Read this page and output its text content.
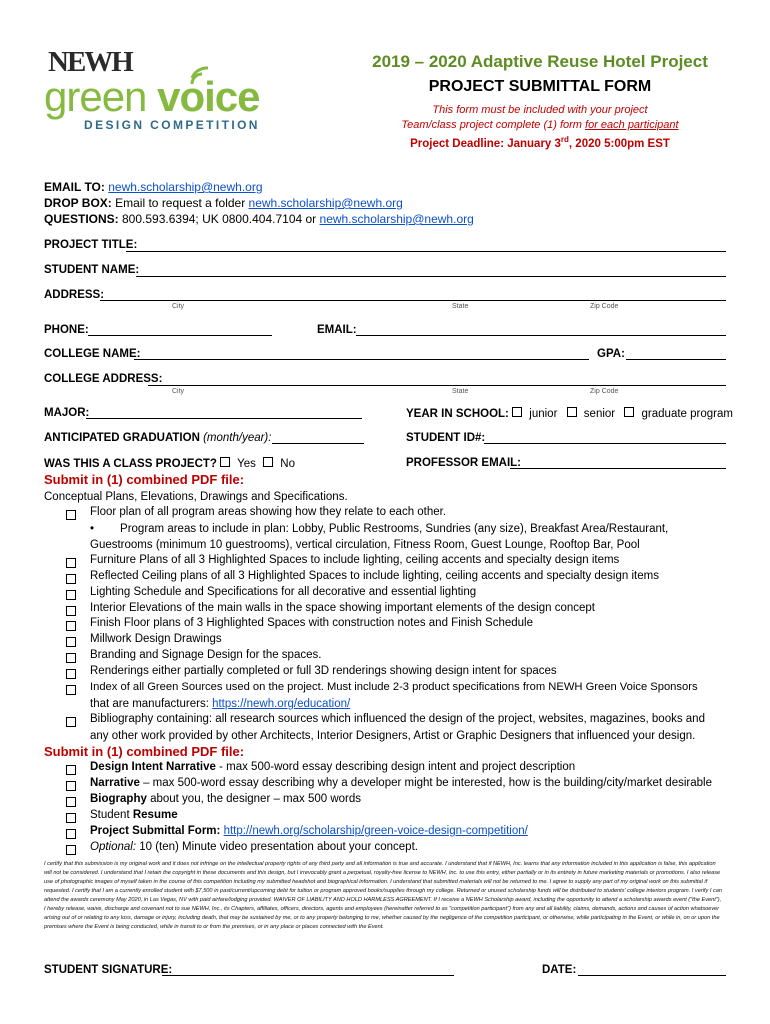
NEWH
green voice
DESIGN COMPETITION
2019 – 2020 Adaptive Reuse Hotel Project
PROJECT SUBMITTAL FORM
This form must be included with your project
Team/class project complete (1) form for each participant
Project Deadline: January 3rd, 2020 5:00pm EST
EMAIL TO: newh.scholarship@newh.org
DROP BOX: Email to request a folder newh.scholarship@newh.org
QUESTIONS: 800.593.6394; UK 0800.404.7104 or newh.scholarship@newh.org
PROJECT TITLE:
STUDENT NAME:
ADDRESS:
City	State	Zip Code
PHONE:	EMAIL:
COLLEGE NAME:	GPA:
COLLEGE ADDRESS:
City	State	Zip Code
MAJOR:	YEAR IN SCHOOL:  junior  senior  graduate program
ANTICIPATED GRADUATION (month/year):	STUDENT ID#:
WAS THIS A CLASS PROJECT?  Yes  No	PROFESSOR EMAIL:
Submit in (1) combined PDF file:
Conceptual Plans, Elevations, Drawings and Specifications.
Floor plan of all program areas showing how they relate to each other.
• Program areas to include in plan: Lobby, Public Restrooms, Sundries (any size), Breakfast Area/Restaurant,
Guestrooms (minimum 10 guestrooms), vertical circulation, Fitness Room, Guest Lounge, Rooftop Bar, Pool
Furniture Plans of all 3 Highlighted Spaces to include lighting, ceiling accents and specialty design items
Reflected Ceiling plans of all 3 Highlighted Spaces to include lighting, ceiling accents and specialty design items
Lighting Schedule and Specifications for all decorative and essential lighting
Interior Elevations of the main walls in the space showing important elements of the design concept
Finish Floor plans of 3 Highlighted Spaces with construction notes and Finish Schedule
Millwork Design Drawings
Branding and Signage Design for the spaces.
Renderings either partially completed or full 3D renderings showing design intent for spaces
Index of all Green Sources used on the project. Must include 2-3 product specifications from NEWH Green Voice Sponsors
that are manufacturers: https://newh.org/education/
Bibliography containing: all research sources which influenced the design of the project, websites, magazines, books and
any other work provided by other Architects, Interior Designers, Artist or Graphic Designers that influenced your design.
Submit in (1) combined PDF file:
Design Intent Narrative - max 500-word essay describing design intent and project description
Narrative – max 500-word essay describing why a developer might be interested, how is the building/city/market desirable
Biography about you, the designer – max 500 words
Student Resume
Project Submittal Form: http://newh.org/scholarship/green-voice-design-competition/
Optional: 10 (ten) Minute video presentation about your concept.
I certify that this submission is my original work and it does not infringe on the intellectual property rights of any third party and all information is true and accurate. I understand that if NEWH, Inc. learns that any information included in this application is false, this application will not be considered. I understand that I retain the copyright in these documents and this design, but I irrevocably grant a perpetual, royalty-free license to NEWH, Inc. to use this entry, either partially or in its entirety in future marketing materials or promotions. I also release use of photographic images of myself taken in the course of this competition including my submitted headshot and biographical information. I understand that submitted materials will not be returned to me. I agree to supply any part of my original work on this submittal if requested. I certify that I am a currently enrolled student with $7,500 in past/current/upcoming debt for tuition or program approved books/supplies through my college. Returned or unused scholarship funds will be distributed to students' college interiors program. I verify I can attend the awards ceremony May 2020, in Las Vegas, NV with paid airfare/lodging provided. WAIVER OF LIABILITY AND HOLD HARMLESS AGREEMENT. If I receive a NEWH Scholarship award, including the opportunity to attend a scholarship awards event ("the Event"), I hereby release, waive, discharge and covenant not to sue NEWH, Inc., its Chapters, affiliates, officers, directors, agents and employees (hereinafter referred to as "competition participant") from any and all liability, claims, demands, actions and causes of action whatsoever arising out of or relating to any loss, damage or injury, including death, that may be sustained by me, or to any property belonging to me, whether caused by the negligence of the competition participant, or otherwise, while participating in the Event, or while in, on or upon the premises where the Event is being conducted, while in transit to or from the premises, or in any place or places connected with the Event.
STUDENT SIGNATURE:	DATE:
